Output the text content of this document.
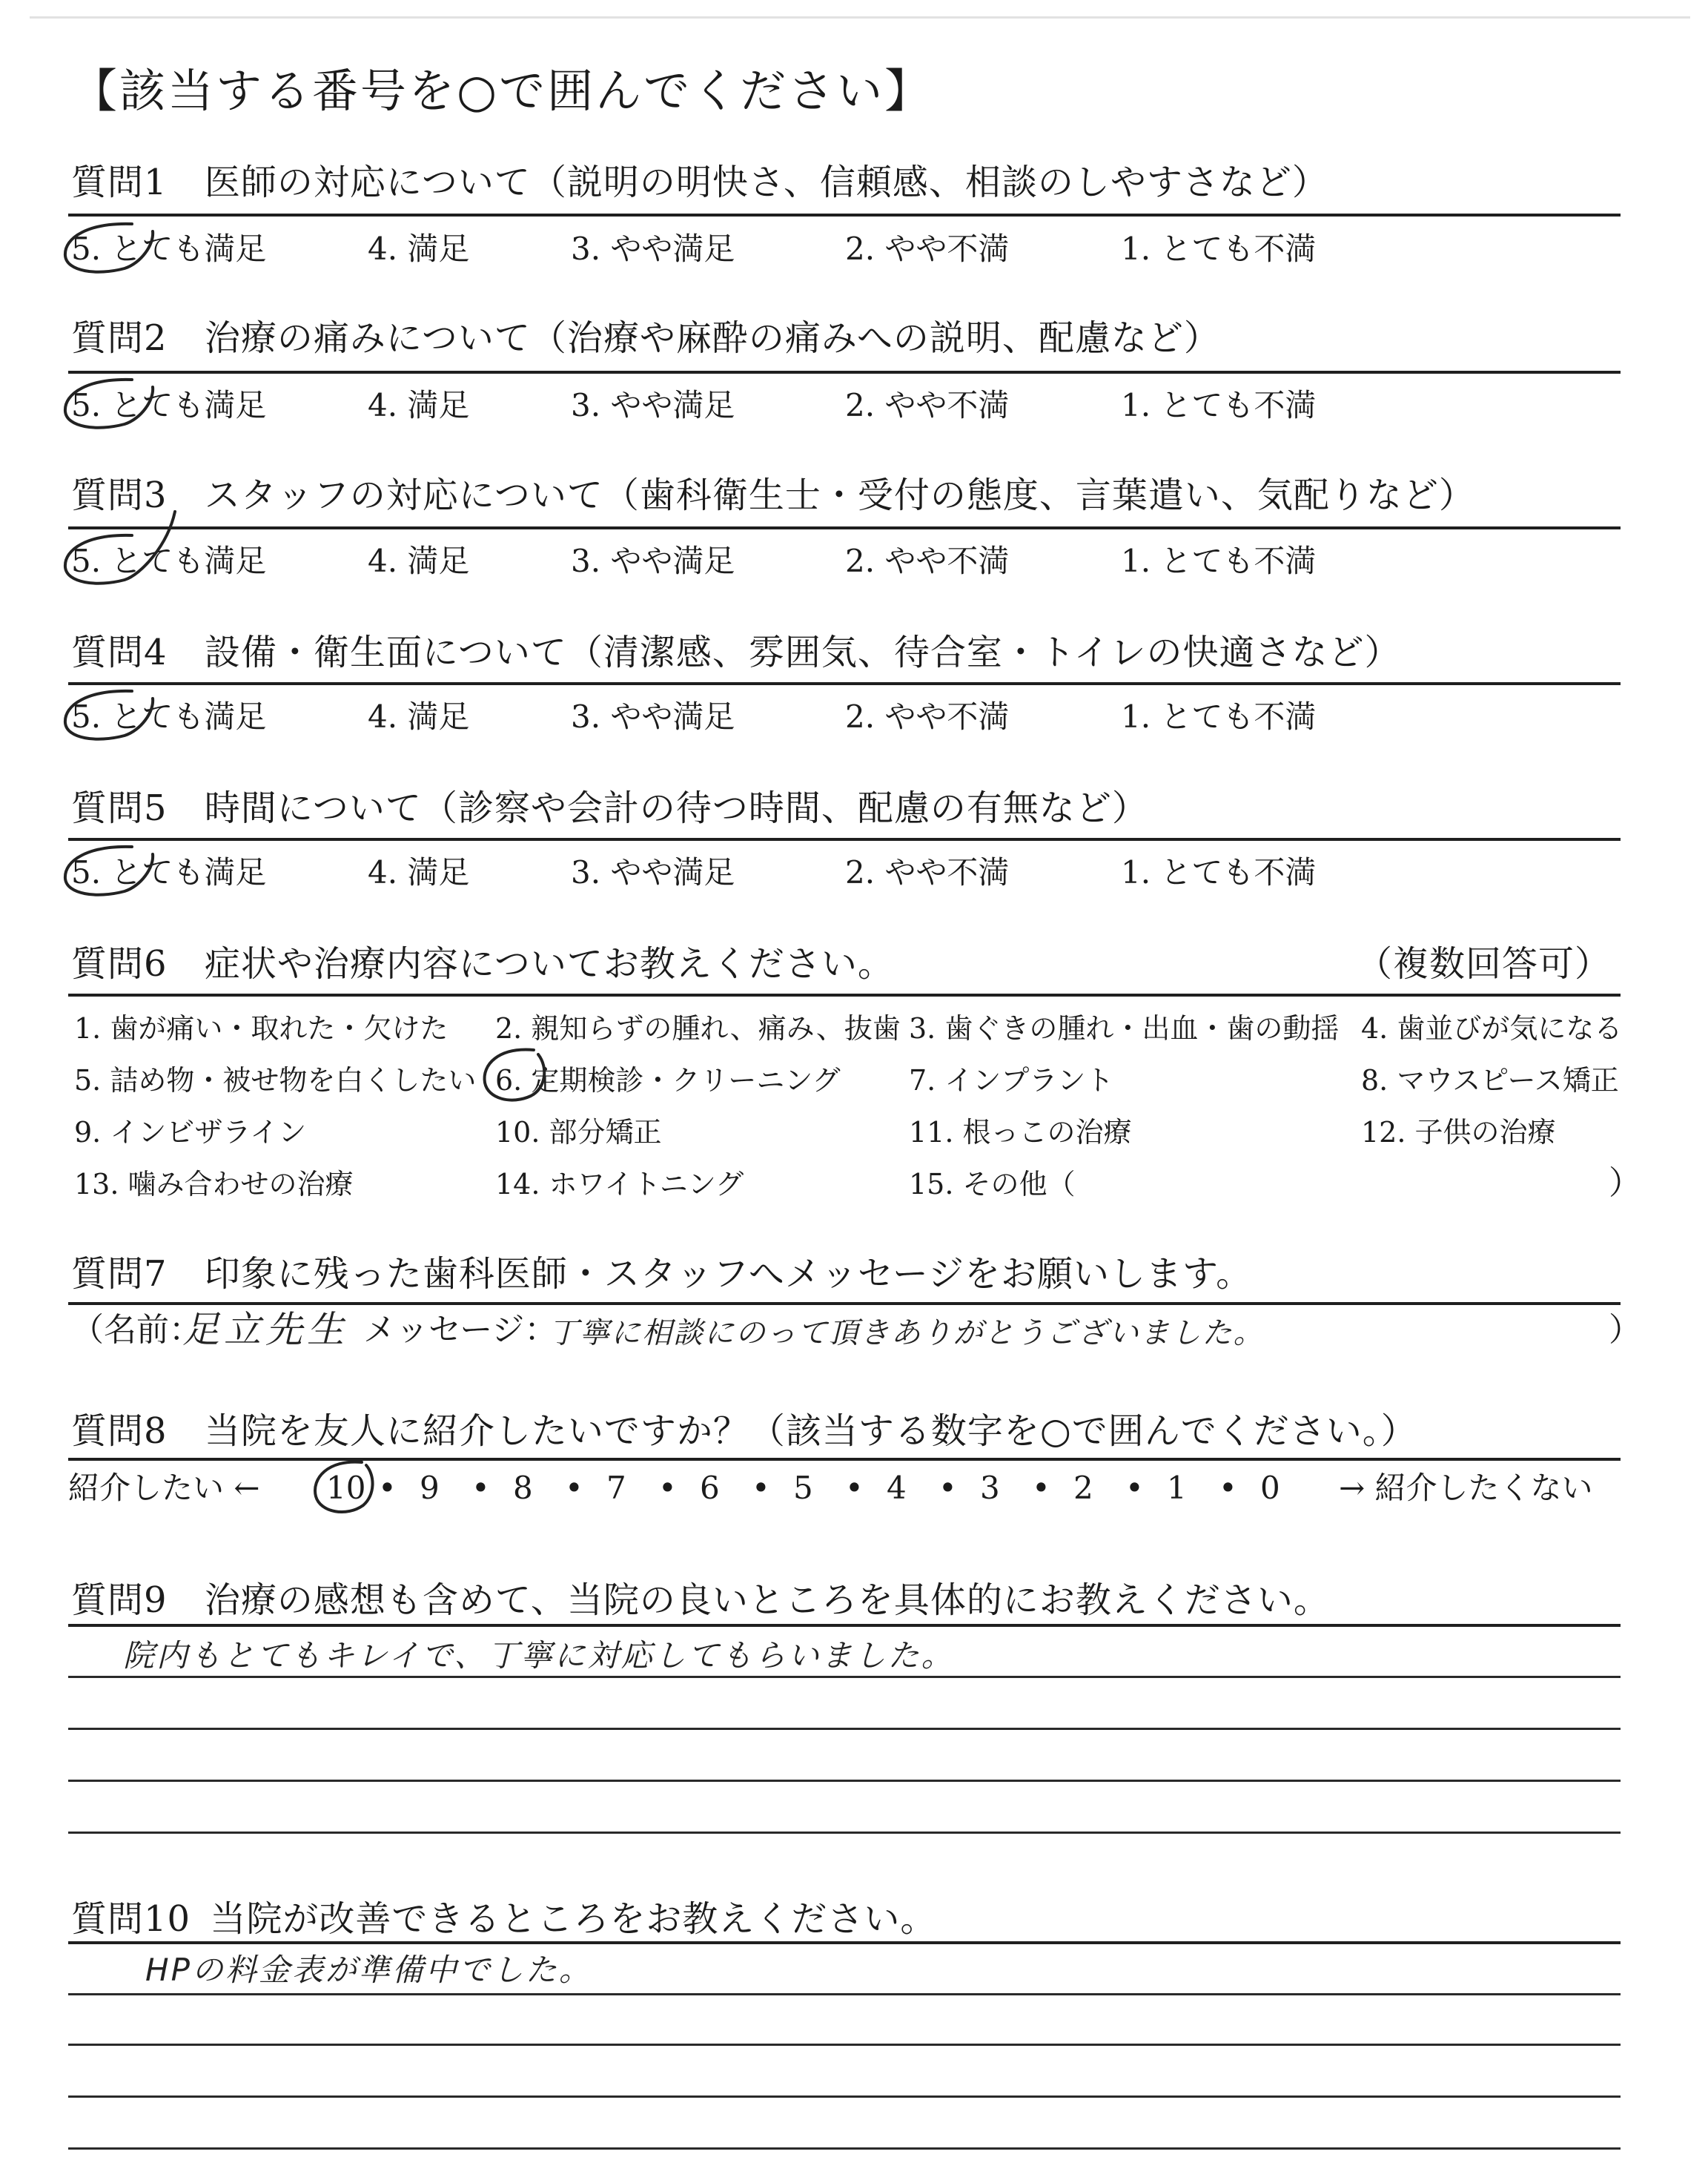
【該当する番号を○で囲んでください】
質問1 医師の対応について（説明の明快さ、信頼感、相談のしやすさなど）
5. とても満足	4. 満足	3. やや満足	2. やや不満	1. とても不満
質問2 治療の痛みについて（治療や麻酔の痛みへの説明、配慮など）
5. とても満足	4. 満足	3. やや満足	2. やや不満	1. とても不満
質問3 スタッフの対応について（歯科衛生士・受付の態度、言葉遣い、気配りなど）
5. とても満足	4. 満足	3. やや満足	2. やや不満	1. とても不満
質問4 設備・衛生面について（清潔感、雰囲気、待合室・トイレの快適さなど）
5. とても満足	4. 満足	3. やや満足	2. やや不満	1. とても不満
質問5 時間について（診察や会計の待つ時間、配慮の有無など）
5. とても満足	4. 満足	3. やや満足	2. やや不満	1. とても不満
質問6 症状や治療内容についてお教えください。	（複数回答可）
1. 歯が痛い・取れた・欠けた 2. 親知らずの腫れ、痛み、抜歯 3. 歯ぐきの腫れ・出血・歯の動揺 4. 歯並びが気になる
5. 詰め物・被せ物を白くしたい 6. 定期検診・クリーニング 7. インプラント	8. マウスピース矯正
9. インビザライン	10. 部分矯正	11. 根っこの治療	12. 子供の治療
13. 噛み合わせの治療	14. ホワイトニング	15. その他（	）
質問7 印象に残った歯科医師・スタッフへメッセージをお願いします。
（名前：
足立先生 メッセージ：
丁寧に相談にのって頂きありがとうございました。	）
質問8 当院を友人に紹介したいですか？（該当する数字を○で囲んでください。）
紹介したい ←	→ 紹介したくない
10 • 9 • 8 • 7 • 6 • 5 • 4 • 3 • 2 • 1 • 0
質問9 治療の感想も含めて、当院の良いところを具体的にお教えください。
院内もとてもキレイで、丁寧に対応してもらいました。
質問10 当院が改善できるところをお教えください。
HPの料金表が準備中でした。
